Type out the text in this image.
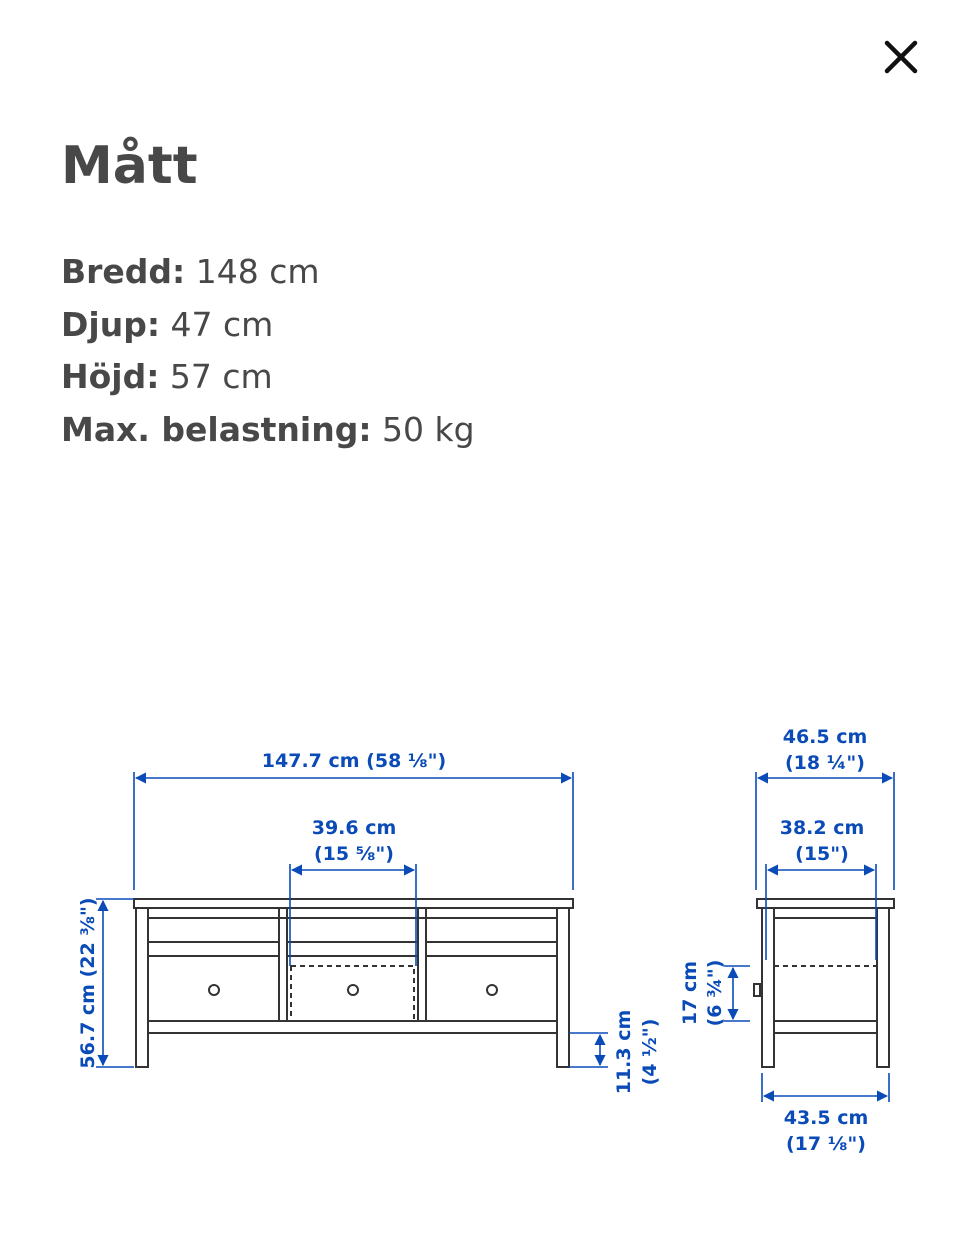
Mått
Bredd: 148 cm
Djup: 47 cm
Höjd: 57 cm
Max. belastning: 50 kg
147.7 cm (58 ⅛")
39.6 cm
(15 ⅝")
56.7 cm (22 ⅜")	11.3 cm (4 ½")
46.5 cm
(18 ¼")
38.2 cm
(15")
17 cm (6 ¾")
43.5 cm
(17 ⅛")
